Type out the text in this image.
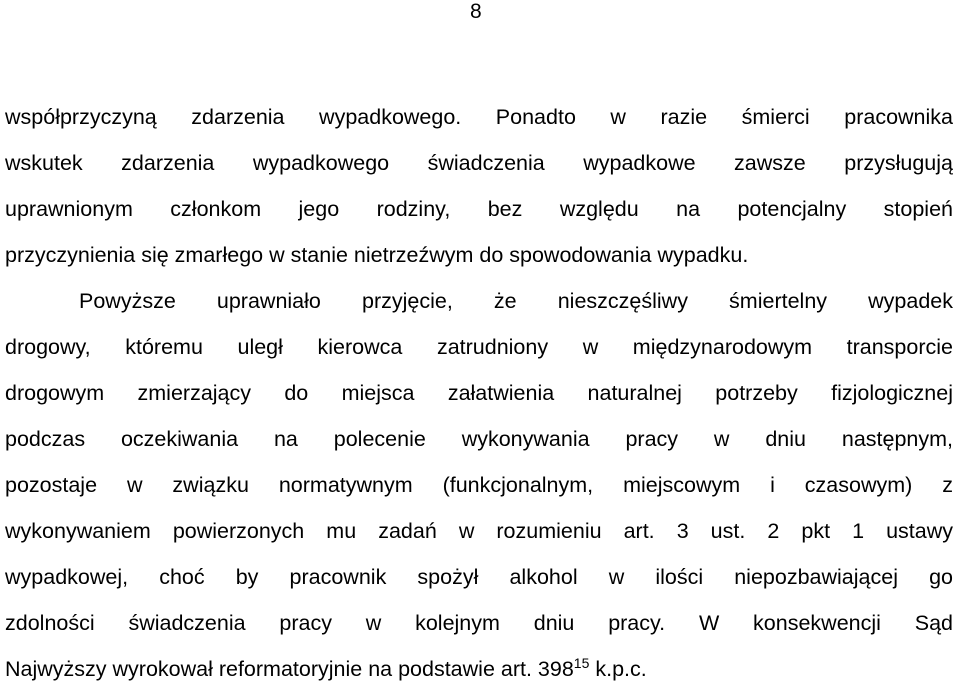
8
współprzyczyną zdarzenia wypadkowego. Ponadto w razie śmierci pracownika
wskutek zdarzenia wypadkowego świadczenia wypadkowe zawsze przysługują
uprawnionym członkom jego rodziny, bez względu na potencjalny stopień
przyczynienia się zmarłego w stanie nietrzeźwym do spowodowania wypadku.
Powyższe uprawniało przyjęcie, że nieszczęśliwy śmiertelny wypadek
drogowy, któremu uległ kierowca zatrudniony w międzynarodowym transporcie
drogowym zmierzający do miejsca załatwienia naturalnej potrzeby fizjologicznej
podczas oczekiwania na polecenie wykonywania pracy w dniu następnym,
pozostaje w związku normatywnym (funkcjonalnym, miejscowym i czasowym) z
wykonywaniem powierzonych mu zadań w rozumieniu art. 3 ust. 2 pkt 1 ustawy
wypadkowej, choć by pracownik spożył alkohol w ilości niepozbawiającej go
zdolności świadczenia pracy w kolejnym dniu pracy. W konsekwencji Sąd
Najwyższy wyrokował reformatoryjnie na podstawie art. $398^{15}$ k.p.c.
